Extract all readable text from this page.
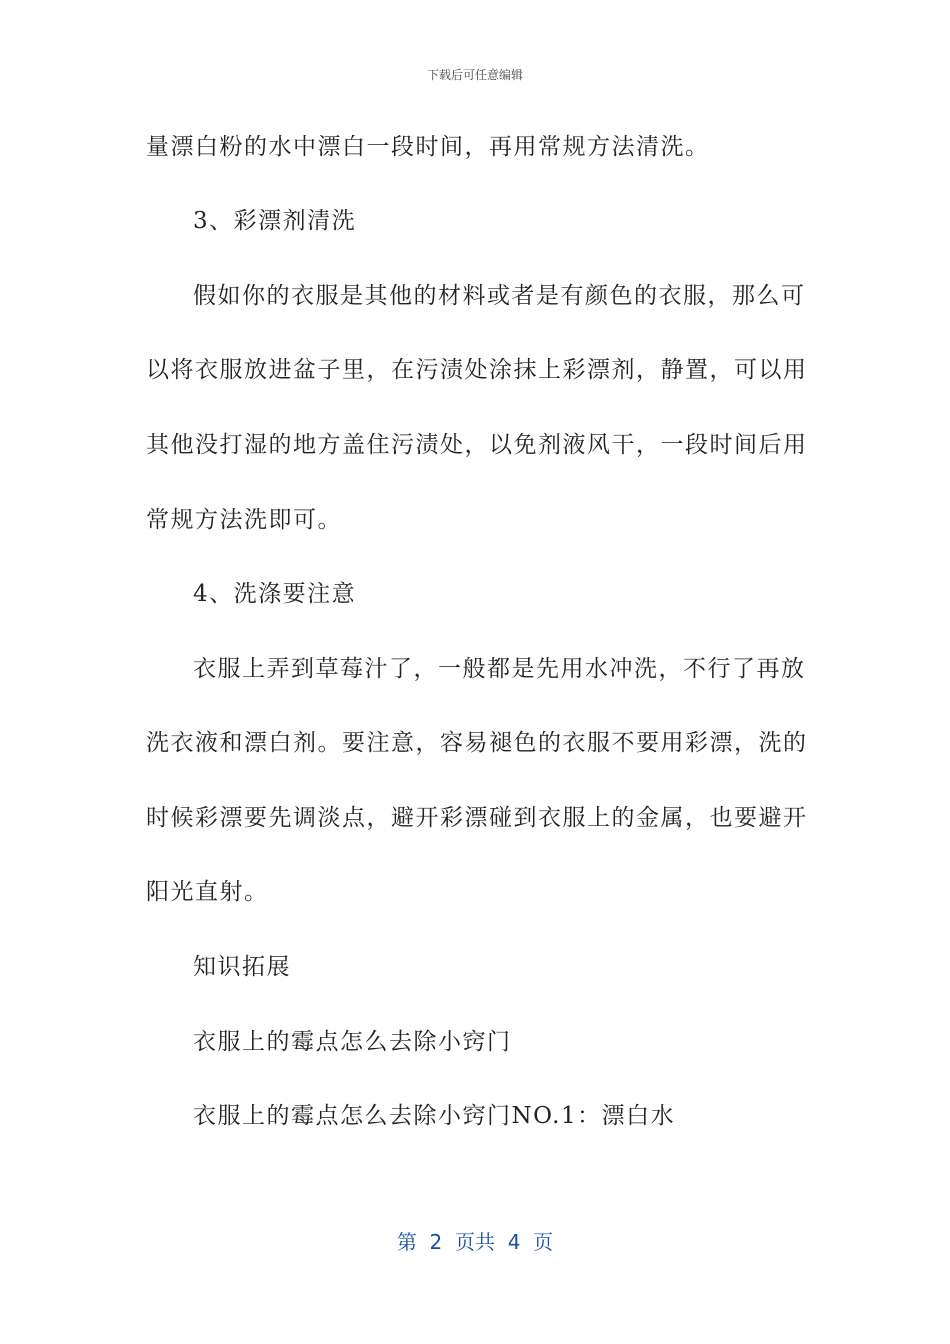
下载后可任意编辑
量漂白粉的水中漂白一段时间，再用常规方法清洗。
3、彩漂剂清洗
假如你的衣服是其他的材料或者是有颜色的衣服，那么可
以将衣服放进盆子里，在污渍处涂抹上彩漂剂，静置，可以用
其他没打湿的地方盖住污渍处，以免剂液风干，一段时间后用
常规方法洗即可。
4、洗涤要注意
衣服上弄到草莓汁了，一般都是先用水冲洗，不行了再放
洗衣液和漂白剂。要注意，容易褪色的衣服不要用彩漂，洗的
时候彩漂要先调淡点，避开彩漂碰到衣服上的金属，也要避开
阳光直射。
知识拓展
衣服上的霉点怎么去除小窍门
衣服上的霉点怎么去除小窍门NO.1：漂白水
第  2  页共  4  页
